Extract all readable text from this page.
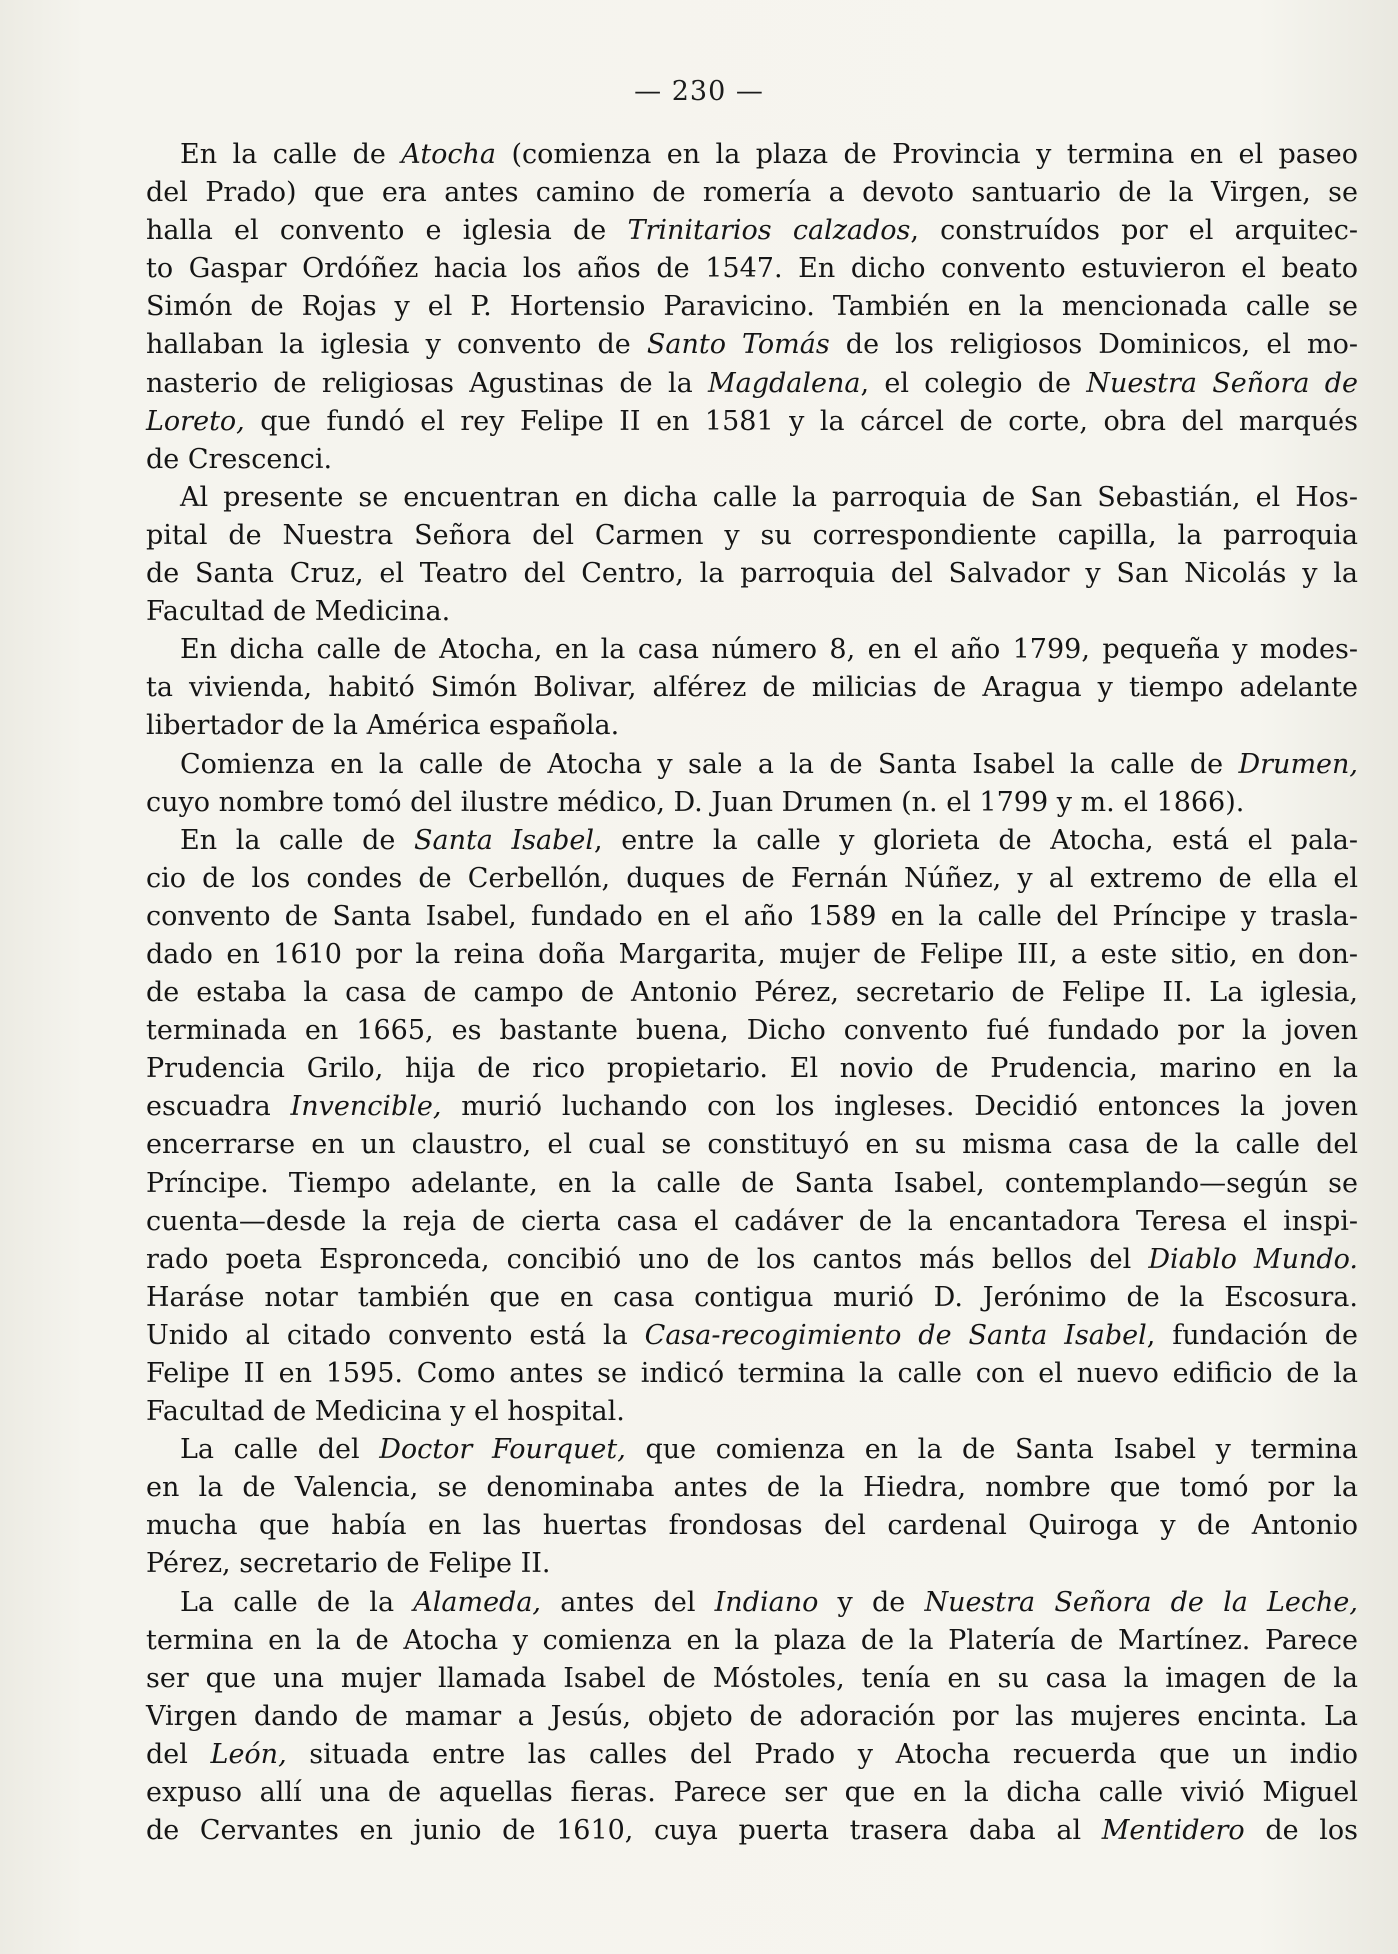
— 230 —
En la calle de Atocha (comienza en la plaza de Provincia y termina en el paseo
del Prado) que era antes camino de romería a devoto santuario de la Virgen, se
halla el convento e iglesia de Trinitarios calzados, construídos por el arquitec-
to Gaspar Ordóñez hacia los años de 1547. En dicho convento estuvieron el beato
Simón de Rojas y el P. Hortensio Paravicino. También en la mencionada calle se
hallaban la iglesia y convento de Santo Tomás de los religiosos Dominicos, el mo-
nasterio de religiosas Agustinas de la Magdalena, el colegio de Nuestra Señora de
Loreto, que fundó el rey Felipe II en 1581 y la cárcel de corte, obra del marqués
de Crescenci.
Al presente se encuentran en dicha calle la parroquia de San Sebastián, el Hos-
pital de Nuestra Señora del Carmen y su correspondiente capilla, la parroquia
de Santa Cruz, el Teatro del Centro, la parroquia del Salvador y San Nicolás y la
Facultad de Medicina.
En dicha calle de Atocha, en la casa número 8, en el año 1799, pequeña y modes-
ta vivienda, habitó Simón Bolivar, alférez de milicias de Aragua y tiempo adelante
libertador de la América española.
Comienza en la calle de Atocha y sale a la de Santa Isabel la calle de Drumen,
cuyo nombre tomó del ilustre médico, D. Juan Drumen (n. el 1799 y m. el 1866).
En la calle de Santa Isabel, entre la calle y glorieta de Atocha, está el pala-
cio de los condes de Cerbellón, duques de Fernán Núñez, y al extremo de ella el
convento de Santa Isabel, fundado en el año 1589 en la calle del Príncipe y trasla-
dado en 1610 por la reina doña Margarita, mujer de Felipe III, a este sitio, en don-
de estaba la casa de campo de Antonio Pérez, secretario de Felipe II. La iglesia,
terminada en 1665, es bastante buena, Dicho convento fué fundado por la joven
Prudencia Grilo, hija de rico propietario. El novio de Prudencia, marino en la
escuadra Invencible, murió luchando con los ingleses. Decidió entonces la joven
encerrarse en un claustro, el cual se constituyó en su misma casa de la calle del
Príncipe. Tiempo adelante, en la calle de Santa Isabel, contemplando—según se
cuenta—desde la reja de cierta casa el cadáver de la encantadora Teresa el inspi-
rado poeta Espronceda, concibió uno de los cantos más bellos del Diablo Mundo.
Haráse notar también que en casa contigua murió D. Jerónimo de la Escosura.
Unido al citado convento está la Casa-recogimiento de Santa Isabel, fundación de
Felipe II en 1595. Como antes se indicó termina la calle con el nuevo edificio de la
Facultad de Medicina y el hospital.
La calle del Doctor Fourquet, que comienza en la de Santa Isabel y termina
en la de Valencia, se denominaba antes de la Hiedra, nombre que tomó por la
mucha que había en las huertas frondosas del cardenal Quiroga y de Antonio
Pérez, secretario de Felipe II.
La calle de la Alameda, antes del Indiano y de Nuestra Señora de la Leche,
termina en la de Atocha y comienza en la plaza de la Platería de Martínez. Parece
ser que una mujer llamada Isabel de Móstoles, tenía en su casa la imagen de la
Virgen dando de mamar a Jesús, objeto de adoración por las mujeres encinta. La
del León, situada entre las calles del Prado y Atocha recuerda que un indio
expuso allí una de aquellas fieras. Parece ser que en la dicha calle vivió Miguel
de Cervantes en junio de 1610, cuya puerta trasera daba al Mentidero de los
